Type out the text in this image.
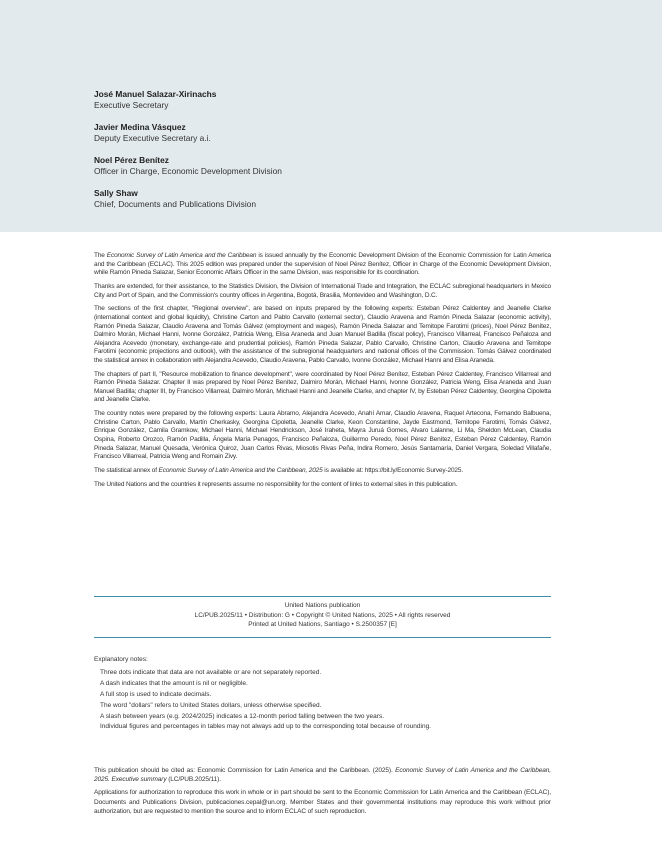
José Manuel Salazar-Xirinachs
Executive Secretary
Javier Medina Vásquez
Deputy Executive Secretary a.i.
Noel Pérez Benítez
Officer in Charge, Economic Development Division
Sally Shaw
Chief, Documents and Publications Division

The Economic Survey of Latin America and the Caribbean is issued annually by the Economic Development Division of the Economic Commission for Latin America and the Caribbean (ECLAC). This 2025 edition was prepared under the supervision of Noel Pérez Benítez, Officer in Charge of the Economic Development Division, while Ramón Pineda Salazar, Senior Economic Affairs Officer in the same Division, was responsible for its coordination.

Thanks are extended, for their assistance, to the Statistics Division, the Division of International Trade and Integration, the ECLAC subregional headquarters in Mexico City and Port of Spain, and the Commission's country offices in Argentina, Bogotá, Brasilia, Montevideo and Washington, D.C.

The sections of the first chapter, "Regional overview", are based on inputs prepared by the following experts: Esteban Pérez Caldentey and Jeanelle Clarke (international context and global liquidity), Christine Carton and Pablo Carvallo (external sector), Claudio Aravena and Ramón Pineda Salazar (economic activity), Ramón Pineda Salazar, Claudio Aravena and Tomás Gálvez (employment and wages), Ramón Pineda Salazar and Temitope Farotimi (prices), Noel Pérez Benítez, Dalmiro Morán, Michael Hanni, Ivonne González, Patricia Weng, Elisa Araneda and Juan Manuel Badilla (fiscal policy), Francisco Villarreal, Francisco Peñaloza and Alejandra Acevedo (monetary, exchange-rate and prudential policies), Ramón Pineda Salazar, Pablo Carvallo, Christine Carton, Claudio Aravena and Temitope Farotimi (economic projections and outlook), with the assistance of the subregional headquarters and national offices of the Commission. Tomás Gálvez coordinated the statistical annex in collaboration with Alejandra Acevedo, Claudio Aravena, Pablo Carvallo, Ivonne González, Michael Hanni and Elisa Araneda.

The chapters of part II, "Resource mobilization to finance development", were coordinated by Noel Pérez Benítez, Esteban Pérez Caldentey, Francisco Villarreal and Ramón Pineda Salazar. Chapter II was prepared by Noel Pérez Benítez, Dalmiro Morán, Michael Hanni, Ivonne González, Patricia Weng, Elisa Araneda and Juan Manuel Badilla; chapter III, by Francisco Villarreal, Dalmiro Morán, Michael Hanni and Jeanelle Clarke, and chapter IV, by Esteban Pérez Caldentey, Georgina Cipoletta and Jeanelle Clarke.

The country notes were prepared by the following experts: Laura Abramo, Alejandra Acevedo, Anahí Amar, Claudio Aravena, Raquel Artecona, Fernando Balbuena, Christine Carton, Pablo Carvallo, Martín Cherkasky, Georgina Cipoletta, Jeanelle Clarke, Keon Constantine, Jayde Eastmond, Temitope Farotimi, Tomás Gálvez, Enrique González, Camila Gramkow, Michael Hanni, Michael Hendrickson, José Iraheta, Mayra Juruá Gomes, Alvaro Lalanne, Li Ma, Sheldon McLean, Claudia Ospina, Roberto Orozco, Ramón Padilla, Ángela María Penagos, Francisco Peñaloza, Guillermo Peredo, Noel Pérez Benítez, Esteban Pérez Caldentey, Ramón Pineda Salazar, Manuel Quesada, Verónica Quiroz, Juan Carlos Rivas, Miosotis Rivas Peña, Indira Romero, Jesús Santamaría, Daniel Vergara, Soledad Villafañe, Francisco Villarreal, Patricia Weng and Romain Zivy.

The statistical annex of Economic Survey of Latin America and the Caribbean, 2025 is available at: https://bit.ly/Economic Survey-2025.

The United Nations and the countries it represents assume no responsibility for the content of links to external sites in this publication.

United Nations publication
LC/PUB.2025/11 • Distribution: G • Copyright © United Nations, 2025 • All rights reserved
Printed at United Nations, Santiago • S.2500357 [E]
Explanatory notes:
Three dots indicate that data are not available or are not separately reported.
A dash indicates that the amount is nil or negligible.
A full stop is used to indicate decimals.
The word "dollars" refers to United States dollars, unless otherwise specified.
A slash between years (e.g. 2024/2025) indicates a 12-month period falling between the two years.
Individual figures and percentages in tables may not always add up to the corresponding total because of rounding.

This publication should be cited as: Economic Commission for Latin America and the Caribbean. (2025). Economic Survey of Latin America and the Caribbean, 2025. Executive summary (LC/PUB.2025/11).

Applications for authorization to reproduce this work in whole or in part should be sent to the Economic Commission for Latin America and the Caribbean (ECLAC), Documents and Publications Division, publicaciones.cepal@un.org. Member States and their governmental institutions may reproduce this work without prior authorization, but are requested to mention the source and to inform ECLAC of such reproduction.
